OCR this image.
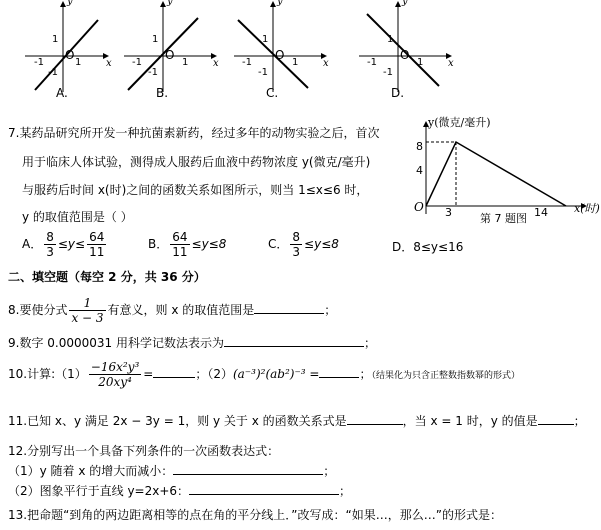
y
x
1
-1	1
-1
O
A.
y
x
1
-1	1
-1
O
B.
y
x
1
-1	1
-1
O
C.
y
x
1
-1	1
-1
O
D.
7.某药品研究所开发一种抗菌素新药，经过多年的动物实验之后，首次
用于临床人体试验，测得成人服药后血液中药物浓度 y(微克/毫升)
与服药后时间 x(时)之间的函数关系如图所示，则当 1≤x≤6 时，
y 的取值范围是（ ）
A． $\frac{8}{3} \le y\le \frac{64}{11}$	B． $\frac{64}{11} \le y\le 8$	C． $\frac{8}{3} \le y\le 8$	D．8≤y≤16
y(微克/毫升)
x(时)
8
4
O 3	14
第 7 题图
二、填空题（每空 2 分，共 36 分）
8.要使分式 $\frac{1}{x - 3}$ 有意义，则 x 的取值范围是	；
9.数字 0.0000031 用科学记数法表示为	；
10.计算:（1） $\frac{\text{−16x²y³}}{\text{20xy⁴}}$ =	；（2）(a⁻³)²(ab²)⁻³ =	；（结果化为只含正整数指数幂的形式）
11.已知 x、y 满足 2x − 3y = 1，则 y 关于 x 的函数关系式是	，当 x = 1 时，y 的值是	；
12.分别写出一个具备下列条件的一次函数表达式：
（1）y 随着 x 的增大而减小：	；
（2）图象平行于直线 y=2x+6：	；
13.把命题“到角的两边距离相等的点在角的平分线上．”改写成：“如果…，那么…”的形式是：
